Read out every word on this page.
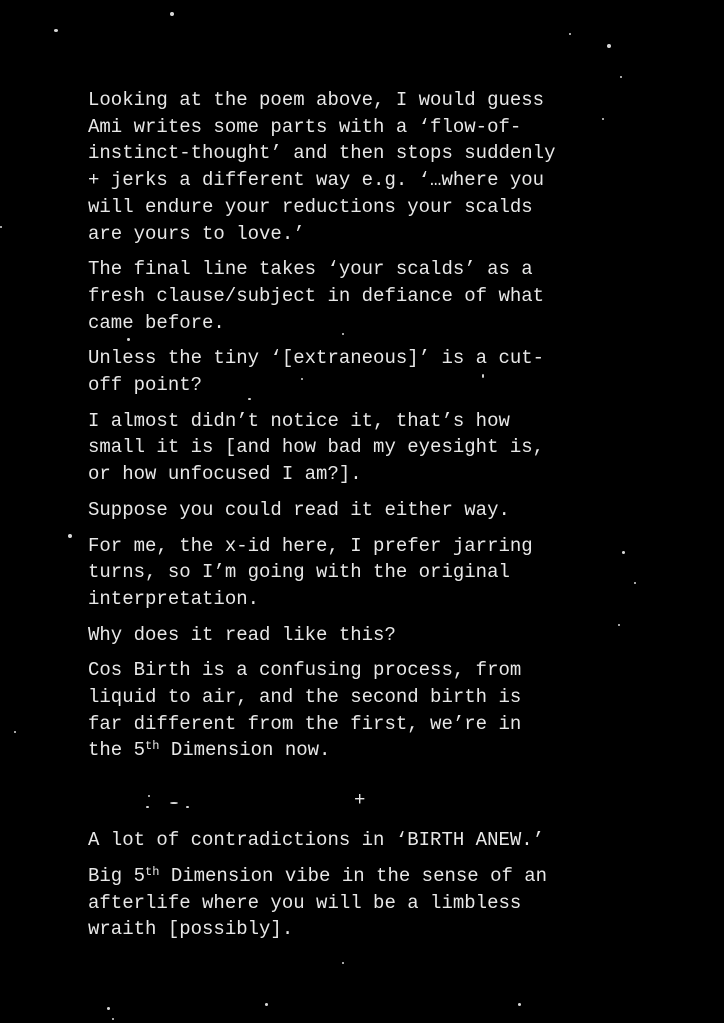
Looking at the poem above, I would guess
Ami writes some parts with a ‘flow-of-
instinct-thought’ and then stops suddenly
+ jerks a different way e.g. ‘…where you
will endure your reductions your scalds
are yours to love.’

The final line takes ‘your scalds’ as a
fresh clause/subject in defiance of what
came before.

Unless the tiny ‘[extraneous]’ is a cut-
off point?

I almost didn’t notice it, that’s how
small it is [and how bad my eyesight is,
or how unfocused I am?].

Suppose you could read it either way.

For me, the x-id here, I prefer jarring
turns, so I’m going with the original
interpretation.

Why does it read like this?

Cos Birth is a confusing process, from
liquid to air, and the second birth is
far different from the first, we’re in
the 5th Dimension now.

+

A lot of contradictions in ‘BIRTH ANEW.’

Big 5th Dimension vibe in the sense of an
afterlife where you will be a limbless
wraith [possibly].
